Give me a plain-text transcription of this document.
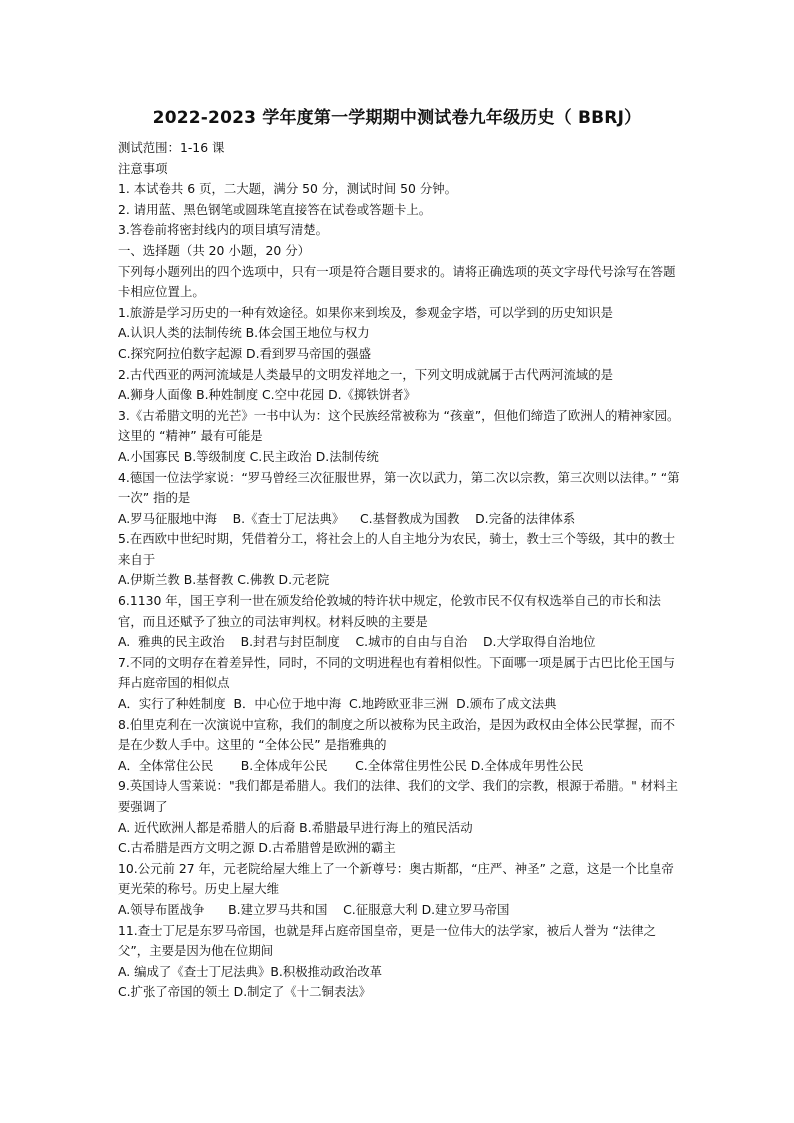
2022-2023 学年度第一学期期中测试卷九年级历史（ BBRJ）

测试范围：1-16 课

注意事项

1. 本试卷共 6 页，二大题，满分 50 分，测试时间 50 分钟。

2. 请用蓝、黑色钢笔或圆珠笔直接答在试卷或答题卡上。

3.答卷前将密封线内的项目填写清楚。

一、选择题（共 20 小题，20 分）

下列每小题列出的四个选项中，只有一项是符合题目要求的。请将正确选项的英文字母代号涂写在答题卡相应位置上。

1.旅游是学习历史的一种有效途径。如果你来到埃及，参观金字塔，可以学到的历史知识是

A.认识人类的法制传统 B.体会国王地位与权力

C.探究阿拉伯数字起源 D.看到罗马帝国的强盛

2.古代西亚的两河流域是人类最早的文明发祥地之一，下列文明成就属于古代两河流域的是

A.狮身人面像 B.种姓制度 C.空中花园 D.《掷铁饼者》

3.《古希腊文明的光芒》一书中认为：这个民族经常被称为 “孩童”，但他们缔造了欧洲人的精神家园。这里的 “精神” 最有可能是

A.小国寡民 B.等级制度 C.民主政治 D.法制传统

4.德国一位法学家说：“罗马曾经三次征服世界，第一次以武力，第二次以宗教，第三次则以法律。” “第一次” 指的是

A.罗马征服地中海    B.《查士丁尼法典》    C.基督教成为国教    D.完备的法律体系

5.在西欧中世纪时期，凭借着分工，将社会上的人自主地分为农民，骑士，教士三个等级，其中的教士来自于

A.伊斯兰教 B.基督教 C.佛教 D.元老院

6.1130 年，国王亨利一世在颁发给伦敦城的特许状中规定，伦敦市民不仅有权选举自己的市长和法官，而且还赋予了独立的司法审判权。材料反映的主要是

A.  雅典的民主政治    B.封君与封臣制度    C.城市的自由与自治    D.大学取得自治地位

7.不同的文明存在着差异性，同时，不同的文明进程也有着相似性。下面哪一项是属于古巴比伦王国与拜占庭帝国的相似点

A．实行了种姓制度  B．中心位于地中海  C.地跨欧亚非三洲  D.颁布了成文法典

8.伯里克利在一次演说中宣称，我们的制度之所以被称为民主政治，是因为政权由全体公民掌握，而不是在少数人手中。这里的 “全体公民” 是指雅典的

A．全体常住公民       B.全体成年公民       C.全体常住男性公民 D.全体成年男性公民

9.英国诗人雪莱说："我们都是希腊人。我们的法律、我们的文学、我们的宗教，根源于希腊。" 材料主要强调了

A. 近代欧洲人都是希腊人的后裔 B.希腊最早进行海上的殖民活动

C.古希腊是西方文明之源 D.古希腊曾是欧洲的霸主

10.公元前 27 年，元老院给屋大维上了一个新尊号：奥古斯都，“庄严、神圣” 之意，这是一个比皇帝更光荣的称号。历史上屋大维

A.领导布匿战争      B.建立罗马共和国    C.征服意大利 D.建立罗马帝国

11.查士丁尼是东罗马帝国，也就是拜占庭帝国皇帝，更是一位伟大的法学家，被后人誉为 “法律之父”，主要是因为他在位期间

A. 编成了《查士丁尼法典》B.积极推动政治改革

C.扩张了帝国的领土 D.制定了《十二铜表法》
